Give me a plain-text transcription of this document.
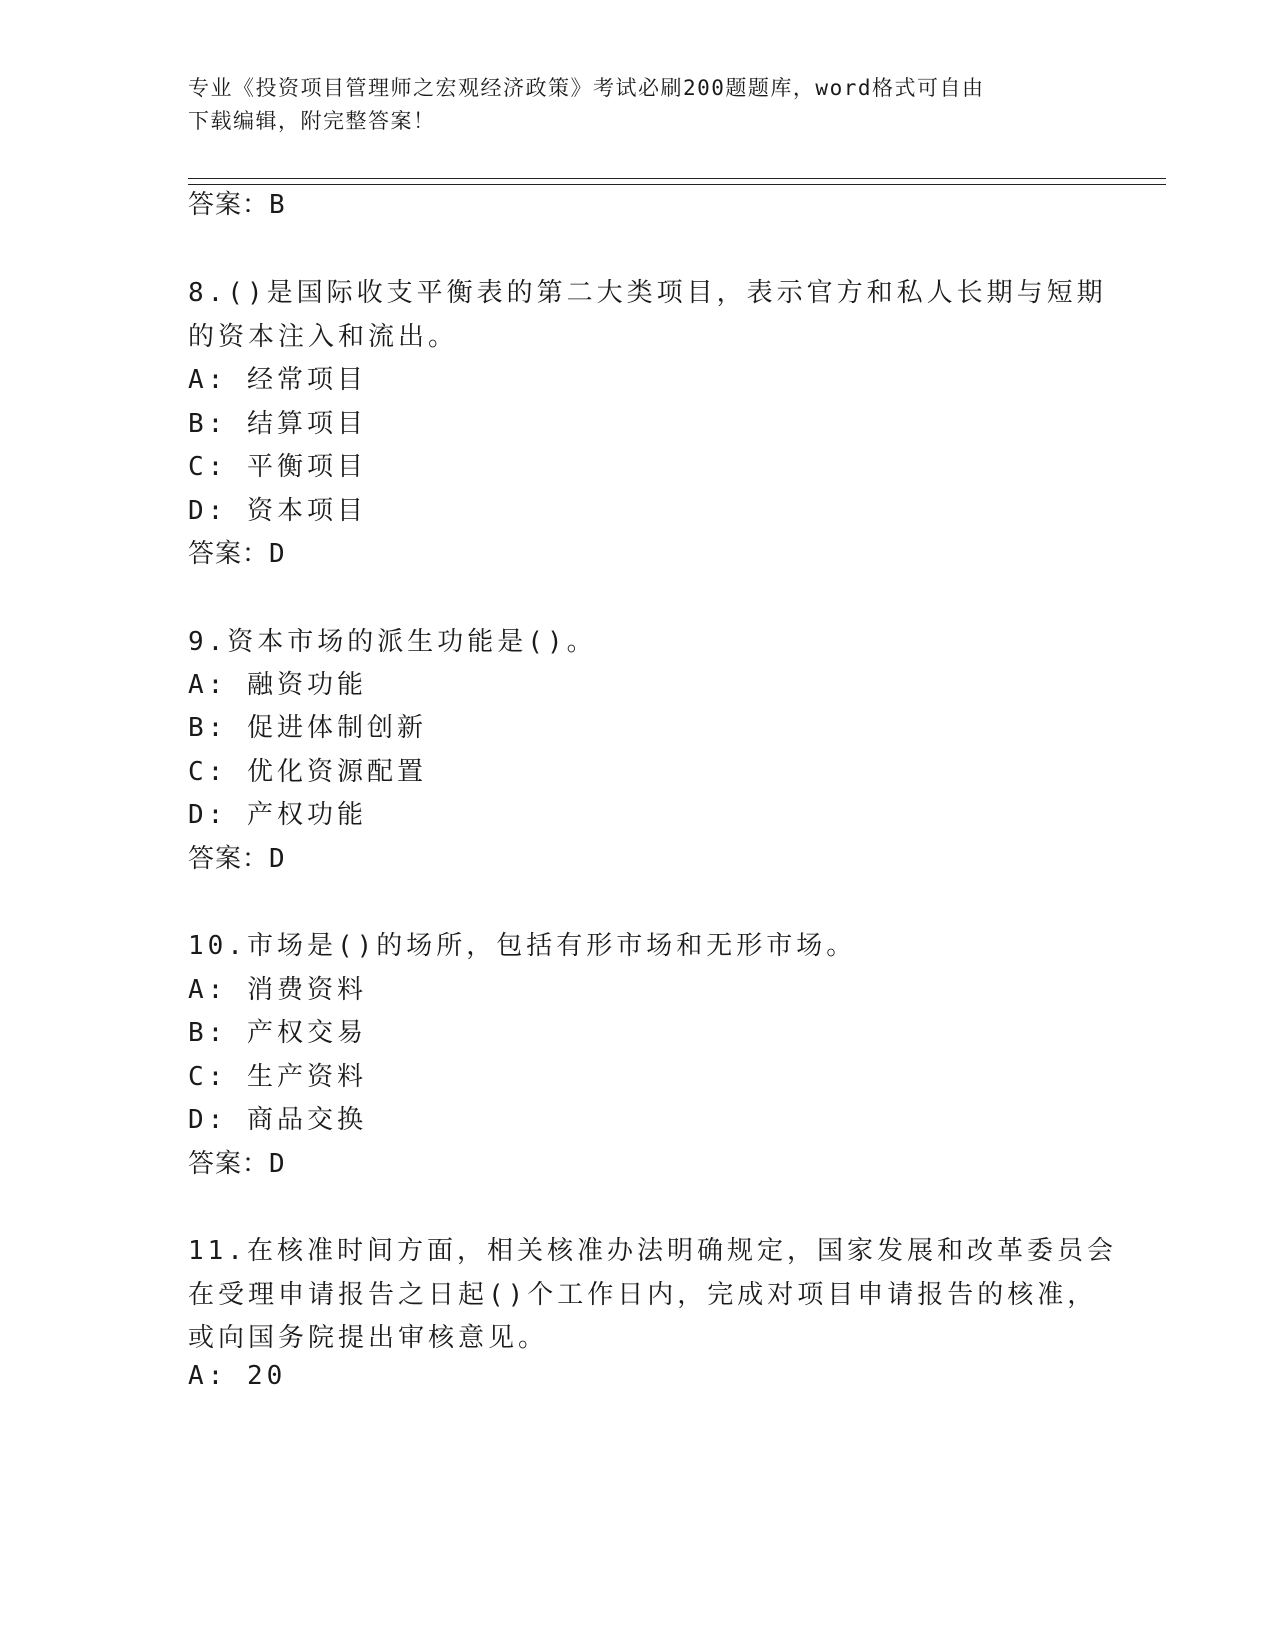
专业《投资项目管理师之宏观经济政策》考试必刷200题题库，word格式可自由
下载编辑，附完整答案！
答案：B
8.()是国际收支平衡表的第二大类项目，表示官方和私人长期与短期
的资本注入和流出。
A: 经常项目
B: 结算项目
C: 平衡项目
D: 资本项目
答案：D
9.资本市场的派生功能是()。
A: 融资功能
B: 促进体制创新
C: 优化资源配置
D: 产权功能
答案：D
10.市场是()的场所，包括有形市场和无形市场。
A: 消费资料
B: 产权交易
C: 生产资料
D: 商品交换
答案：D
11.在核准时间方面，相关核准办法明确规定，国家发展和改革委员会
在受理申请报告之日起()个工作日内，完成对项目申请报告的核准，
或向国务院提出审核意见。
A: 20
